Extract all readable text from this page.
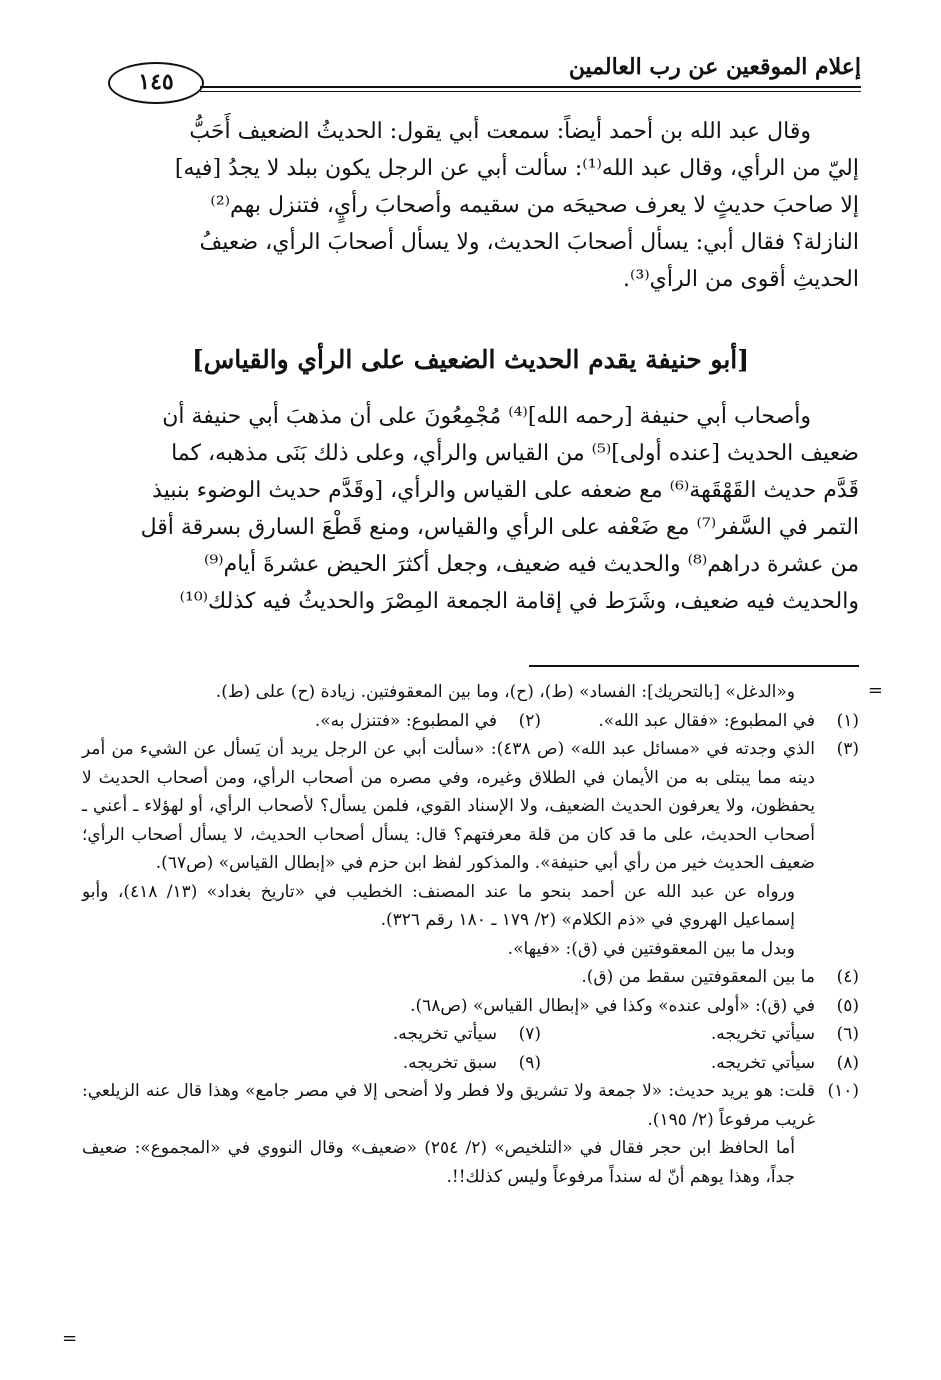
إعلام الموقعين عن رب العالمين
١٤٥

وقال عبد الله بن أحمد أيضاً: سمعت أبي يقول: الحديثُ الضعيف أَحَبُّ

إليّ من الرأي، وقال عبد الله⁽¹⁾: سألت أبي عن الرجل يكون ببلد لا يجدُ [فيه]

إلا صاحبَ حديثٍ لا يعرف صحيحَه من سقيمه وأصحابَ رأيٍ، فتنزل بهم⁽²⁾

النازلة؟ فقال أبي: يسأل أصحابَ الحديث، ولا يسأل أصحابَ الرأي، ضعيفُ

الحديثِ أقوى من الرأي⁽³⁾.

[أبو حنيفة يقدم الحديث الضعيف على الرأي والقياس]

وأصحاب أبي حنيفة [رحمه الله]⁽⁴⁾ مُجْمِعُونَ على أن مذهبَ أبي حنيفة أن

ضعيف الحديث [عنده أولى]⁽⁵⁾ من القياس والرأي، وعلى ذلك بَنَى مذهبه، كما

قَدَّم حديث القَهْقَهة⁽⁶⁾ مع ضعفه على القياس والرأي، [وقَدَّم حديث الوضوء بنبيذ

التمر في السَّفر⁽⁷⁾ مع ضَعْفه على الرأي والقياس، ومنع قَطْعَ السارق بسرقة أقل

من عشرة دراهم⁽⁸⁾ والحديث فيه ضعيف، وجعل أكثرَ الحيض عشرةَ أيام⁽⁹⁾

والحديث فيه ضعيف، وشَرَط في إقامة الجمعة المِصْرَ والحديثُ فيه كذلك⁽¹⁰⁾

=
و«الدغل» [بالتحريك]: الفساد» (ط)، (ح)، وما بين المعقوفتين. زيادة (ح) على (ط).
(١)
في المطبوع: «فقال عبد الله».
(٢)
في المطبوع: «فتنزل به».
(٣)
الذي وجدته في «مسائل عبد الله» (ص ٤٣٨): «سألت أبي عن الرجل يريد أن يَسأل عن الشيء من أمر دينه مما يبتلى به من الأيمان في الطلاق وغيره، وفي مصره من أصحاب الرأي، ومن أصحاب الحديث لا يحفظون، ولا يعرفون الحديث الضعيف، ولا الإسناد القوي، فلمن يسأل؟ لأصحاب الرأي، أو لهؤلاء ـ أعني ـ أصحاب الحديث، على ما قد كان من قلة معرفتهم؟ قال: يسأل أصحاب الحديث، لا يسأل أصحاب الرأي؛ ضعيف الحديث خير من رأي أبي حنيفة». والمذكور لفظ ابن حزم في «إبطال القياس» (ص٦٧).
ورواه عن عبد الله عن أحمد بنحو ما عند المصنف: الخطيب في «تاريخ بغداد» (١٣/ ٤١٨)، وأبو إسماعيل الهروي في «ذم الكلام» (٢/ ١٧٩ ـ ١٨٠ رقم ٣٢٦).
وبدل ما بين المعقوفتين في (ق): «فيها».
(٤)
ما بين المعقوفتين سقط من (ق).
(٥)
في (ق): «أولى عنده» وكذا في «إبطال القياس» (ص٦٨).
(٦)
سيأتي تخريجه.
(٧)
سيأتي تخريجه.
(٨)
سيأتي تخريجه.
(٩)
سبق تخريجه.
(١٠)
قلت: هو يريد حديث: «لا جمعة ولا تشريق ولا فطر ولا أضحى إلا في مصر جامع» وهذا قال عنه الزيلعي: غريب مرفوعاً (٢/ ١٩٥).
أما الحافظ ابن حجر فقال في «التلخيص» (٢/ ٢٥٤) «ضعيف» وقال النووي في «المجموع»: ضعيف جداً، وهذا يوهم أنّ له سنداً مرفوعاً وليس كذلك!!.
=
